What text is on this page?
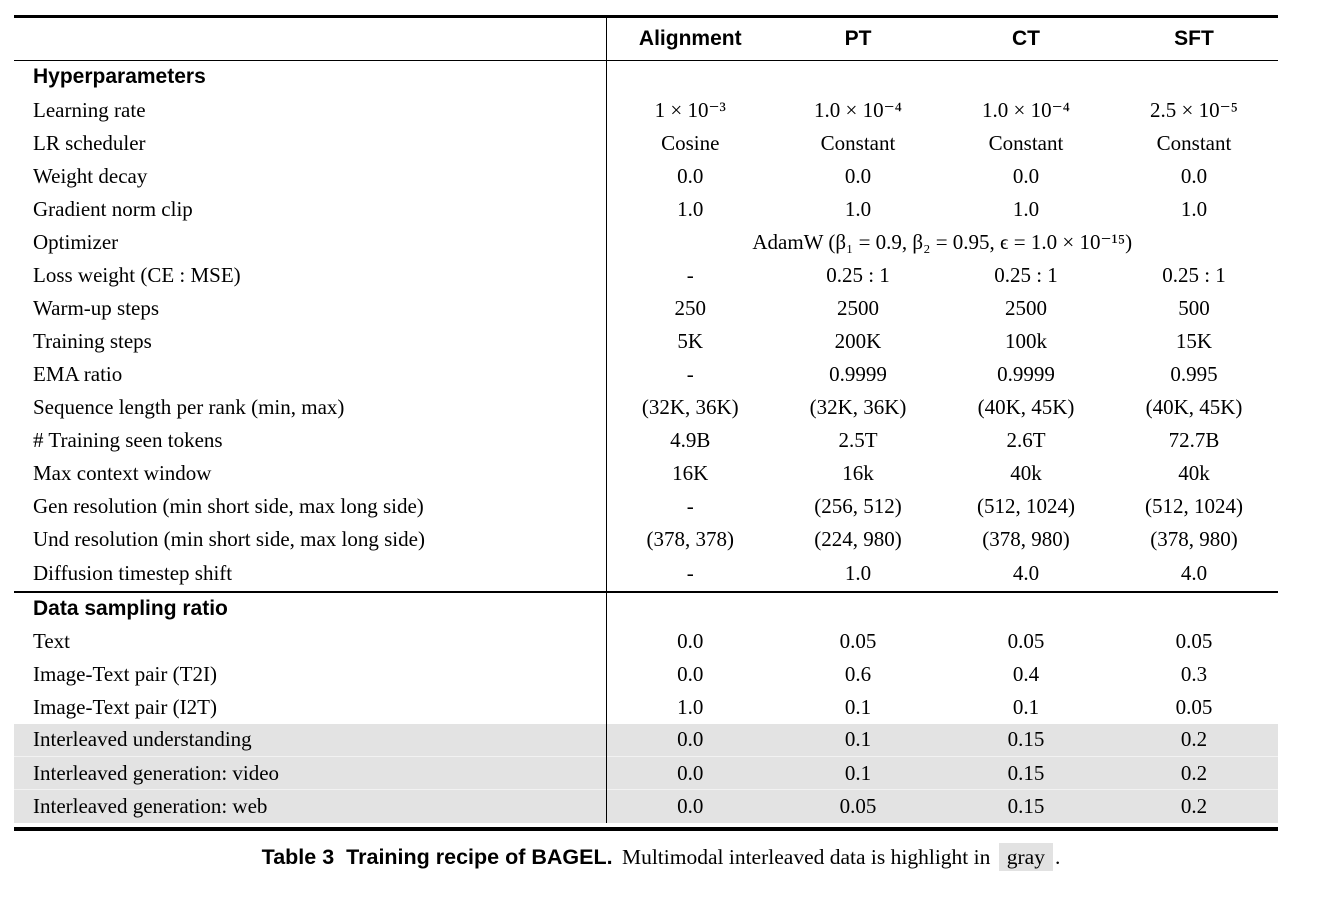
	Alignment	PT	CT	SFT
Hyperparameters				
Learning rate	1 × 10⁻³	1.0 × 10⁻⁴	1.0 × 10⁻⁴	2.5 × 10⁻⁵
LR scheduler	Cosine	Constant	Constant	Constant
Weight decay	0.0	0.0	0.0	0.0
Gradient norm clip	1.0	1.0	1.0	1.0
Optimizer	AdamW (β₁ = 0.9, β₂ = 0.95, ϵ = 1.0 × 10⁻¹⁵)			
Loss weight (CE : MSE)	-	0.25 : 1	0.25 : 1	0.25 : 1
Warm-up steps	250	2500	2500	500
Training steps	5K	200K	100k	15K
EMA ratio	-	0.9999	0.9999	0.995
Sequence length per rank (min, max)	(32K, 36K)	(32K, 36K)	(40K, 45K)	(40K, 45K)
# Training seen tokens	4.9B	2.5T	2.6T	72.7B
Max context window	16K	16k	40k	40k
Gen resolution (min short side, max long side)	-	(256, 512)	(512, 1024)	(512, 1024)
Und resolution (min short side, max long side)	(378, 378)	(224, 980)	(378, 980)	(378, 980)
Diffusion timestep shift	-	1.0	4.0	4.0
Data sampling ratio				
Text	0.0	0.05	0.05	0.05
Image-Text pair (T2I)	0.0	0.6	0.4	0.3
Image-Text pair (I2T)	1.0	0.1	0.1	0.05
Interleaved understanding	0.0	0.1	0.15	0.2
Interleaved generation: video	0.0	0.1	0.15	0.2
Interleaved generation: web	0.0	0.05	0.15	0.2
Table 3 Training recipe of BAGEL. Multimodal interleaved data is highlight in gray .
